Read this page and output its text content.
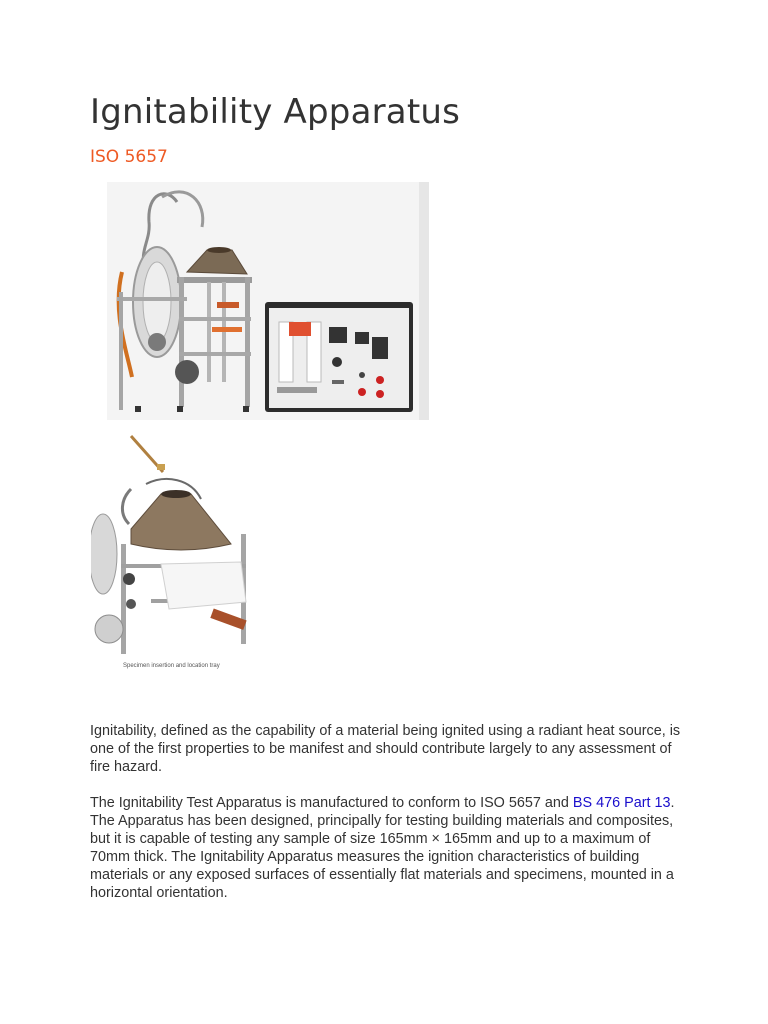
Ignitability Apparatus
ISO 5657
Specimen insertion and location tray

Ignitability, defined as the capability of a material being ignited using a radiant heat source, is one of the first properties to be manifest and should contribute largely to any assessment of fire hazard.

The Ignitability Test Apparatus is manufactured to conform to ISO 5657 and BS 476 Part 13. The Apparatus has been designed, principally for testing building materials and composites, but it is capable of testing any sample of size 165mm × 165mm and up to a maximum of 70mm thick. The Ignitability Apparatus measures the ignition characteristics of building materials or any exposed surfaces of essentially flat materials and specimens, mounted in a horizontal orientation.
